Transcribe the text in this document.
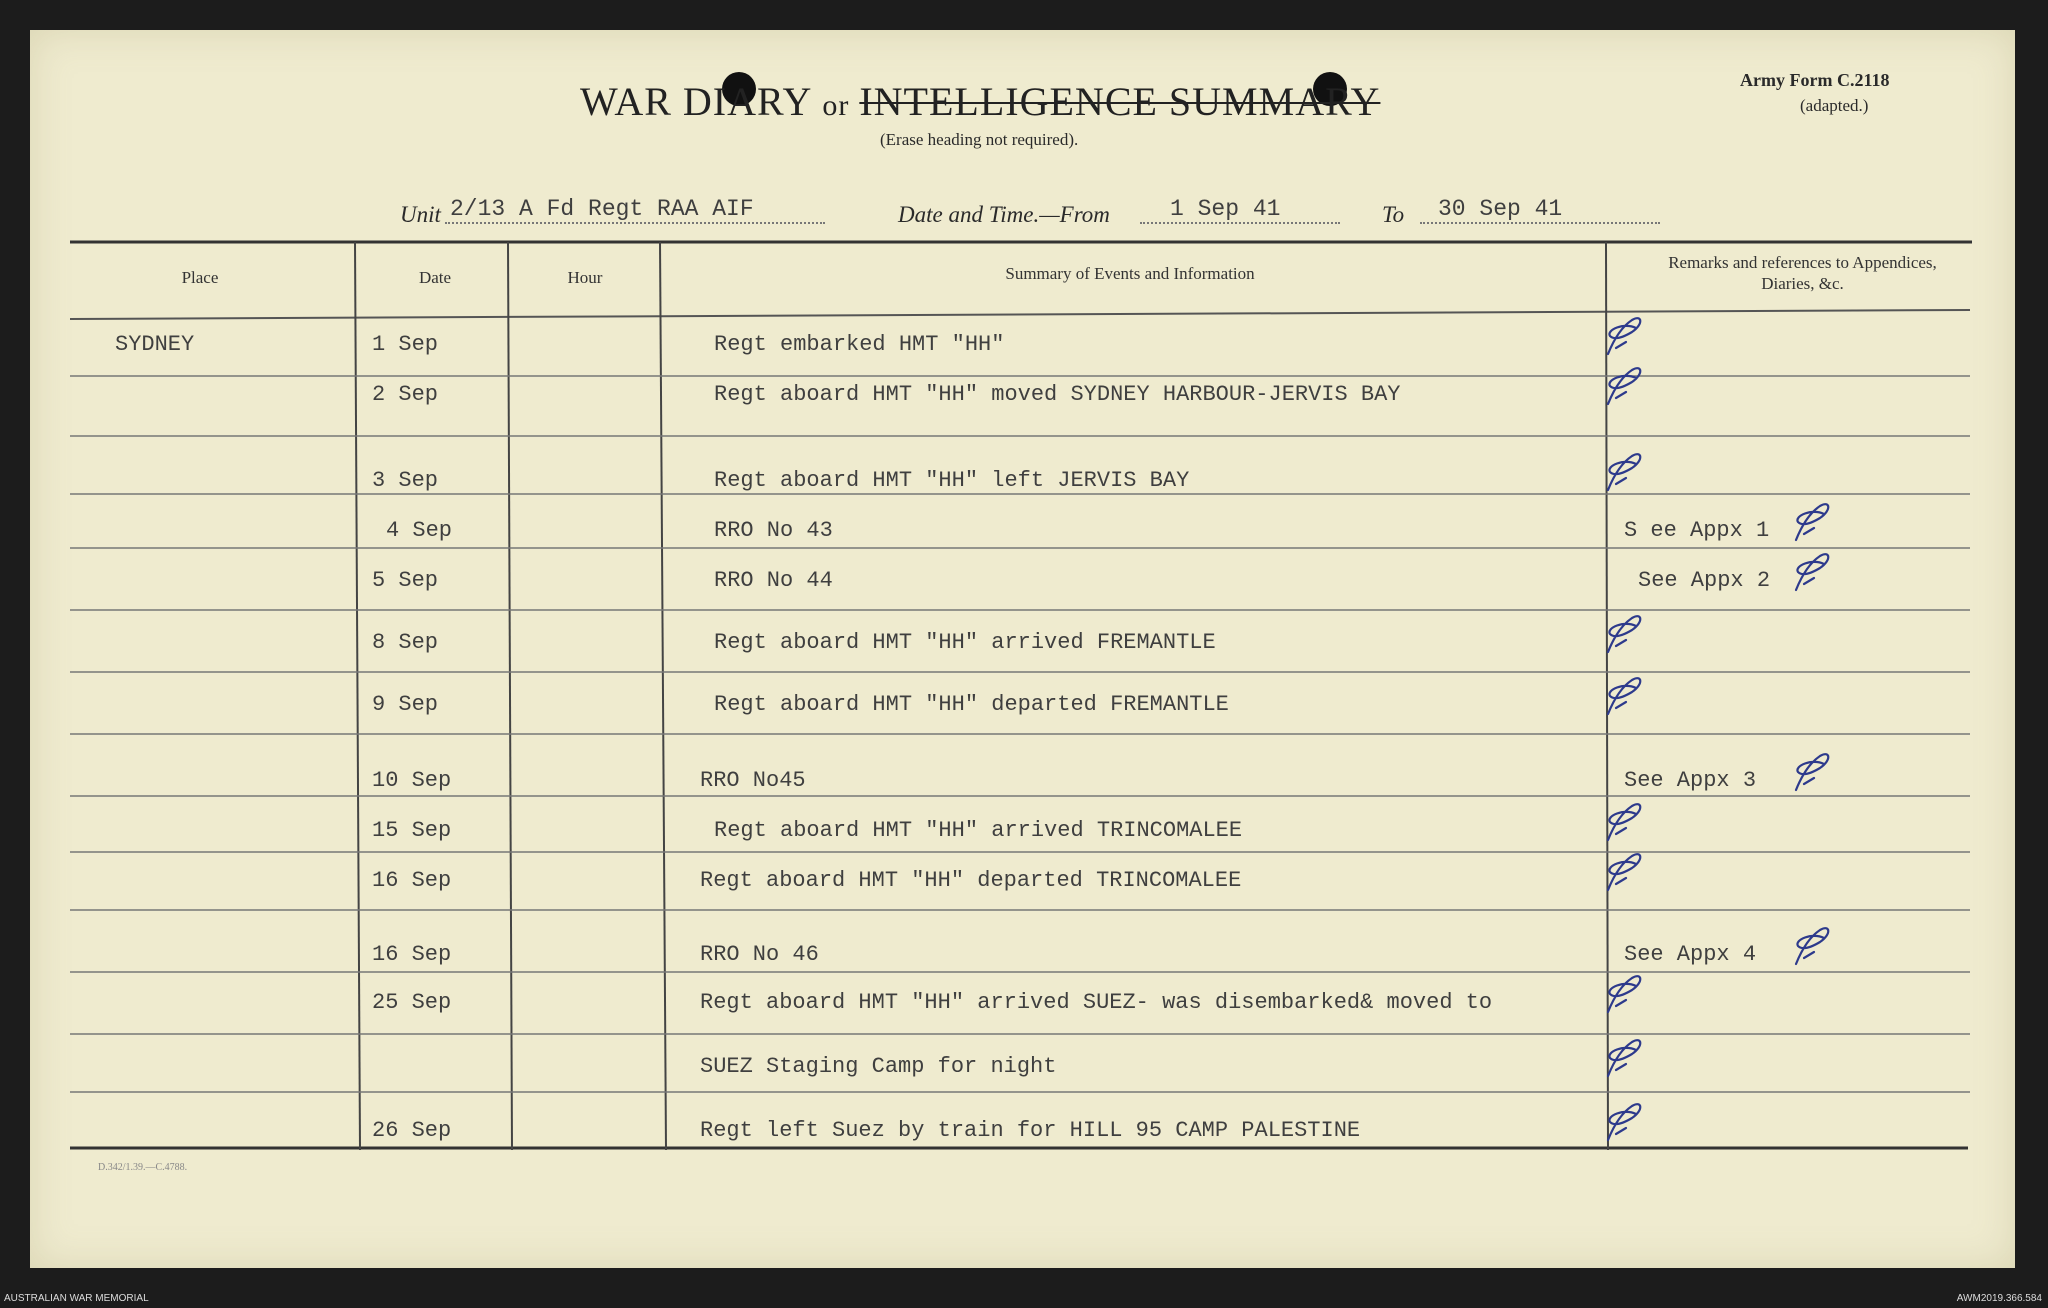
WAR DIARY or INTELLIGENCE SUMMARY
(Erase heading not required).
Army Form C.2118
(adapted.)
Unit 2/13 A Fd Regt RAA AIF	Date and Time.—From	1 Sep 41	To 30 Sep 41
Place	Date	Hour	Summary of Events and Information
Remarks and references to Appendices, Diaries, &c.
SYDNEY	1 Sep	Regt embarked HMT "HH"
2 Sep	Regt aboard HMT "HH" moved SYDNEY HARBOUR-JERVIS BAY
3 Sep	Regt aboard HMT "HH" left JERVIS BAY
4 Sep	RRO No 43	S ee Appx 1
5 Sep	RRO No 44	See Appx 2
8 Sep	Regt aboard HMT "HH" arrived FREMANTLE
9 Sep	Regt aboard HMT "HH" departed FREMANTLE
10 Sep	RRO No45	See Appx 3
15 Sep	Regt aboard HMT "HH" arrived TRINCOMALEE
16 Sep	Regt aboard HMT "HH" departed TRINCOMALEE
16 Sep	RRO No 46	See Appx 4
25 Sep	Regt aboard HMT "HH" arrived SUEZ- was disembarked& moved to
SUEZ Staging Camp for night
26 Sep	Regt left Suez by train for HILL 95 CAMP PALESTINE
D.342/1.39.—C.4788.
AUSTRALIAN WAR MEMORIAL	AWM2019.366.584
